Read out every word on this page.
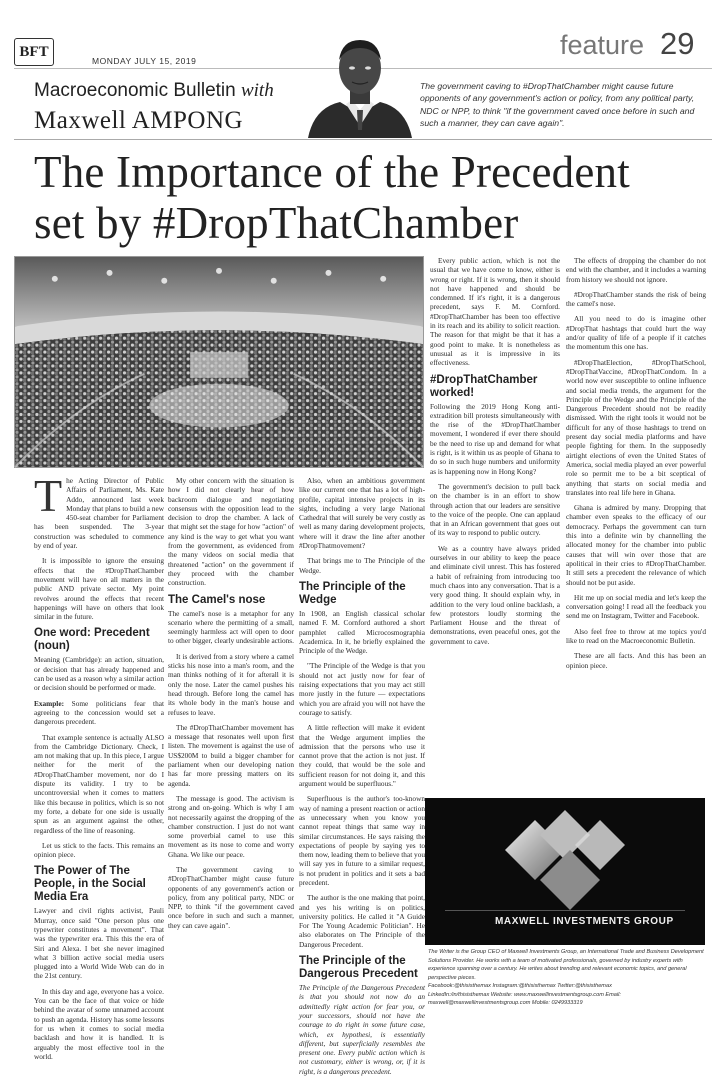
BFT
MONDAY JULY 15, 2019
feature 29
Macroeconomic Bulletin with
Maxwell AMPONG
The government caving to #DropThatChamber might cause future opponents of any government's action or policy, from any political party, NDC or NPP, to think "if the government caved once before in such and such a manner, they can cave again".
The Importance of the Precedent
set by #DropThatChamber

The Acting Director of Public Affairs of Parliament, Ms. Kate Addo, announced last week Monday that plans to build a new 450-seat chamber for Parliament has been suspended. The 3-year construction was scheduled to commence by end of year.

It is impossible to ignore the ensuing effects that the #DropThatChamber movement will have on all matters in the public AND private sector. My point revolves around the effects that recent happenings will have on others that look similar in the future.

One word: Precedent (noun)

Meaning (Cambridge): an action, situation, or decision that has already happened and can be used as a reason why a similar action or decision should be performed or made.

Example: Some politicians fear that agreeing to the concession would set a dangerous precedent.

That example sentence is actually ALSO from the Cambridge Dictionary. Check, I am not making that up. In this piece, I argue neither for the merit of the #DropThatChamber movement, nor do I dispute its validity. I try to be uncontroversial when it comes to matters like this because in politics, which is so not my forte, a debate for one side is usually spun as an argument against the other, regardless of the line of reasoning.

Let us stick to the facts. This remains an opinion piece.

The Power of The People, in the Social Media Era

Lawyer and civil rights activist, Pauli Murray, once said "One person plus one typewriter constitutes a movement". That was the typewriter era. This this the era of Siri and Alexa. I bet she never imagined what 3 billion active social media users plugged into a World Wide Web can do in the 21st century.

In this day and age, everyone has a voice. You can be the face of that voice or hide behind the avatar of some unnamed account to push an agenda. History has some lessons for us when it comes to social media backlash and how it is handled. It is arguably the most effective tool in the world.

My other concern with the situation is how I did not clearly hear of how backroom dialogue and negotiating consensus with the opposition lead to the decision to drop the chamber. A lack of that might set the stage for how "action" of any kind is the way to get what you want from the government, as evidenced from the many videos on social media that threatened "action" on the government if they proceed with the chamber construction.

The Camel's nose

The camel's nose is a metaphor for any scenario where the permitting of a small, seemingly harmless act will open to door to other bigger, clearly undesirable actions.

It is derived from a story where a camel sticks his nose into a man's room, and the man thinks nothing of it for afterall it is only the nose. Later the camel pushes his head through. Before long the camel has its whole body in the man's house and refuses to leave.

The #DropThatChamber movement has a message that resonates well upon first listen. The movement is against the use of US$200M to build a bigger chamber for parliament when our developing nation has far more pressing matters on its agenda.

The message is good. The activism is strong and on-going. Which is why I am not necessarily against the dropping of the chamber construction. I just do not want some proverbial camel to use this movement as its nose to come and worry Ghana. We like our peace.

The government caving to #DropThatChamber might cause future opponents of any government's action or policy, from any political party, NDC or NPP, to think "if the government caved once before in such and such a manner, they can cave again".

Also, when an ambitious government like our current one that has a lot of high-profile, capital intensive projects in its sights, including a very large National Cathedral that will surely be very costly as well as many daring development projects, where will it draw the line after another #DropThatmovement?

That brings me to The Principle of the Wedge.

The Principle of the Wedge

In 1908, an English classical scholar named F. M. Cornford authored a short pamphlet called Microcosmographia Academica. In it, he briefly explained the Principle of the Wedge.

"The Principle of the Wedge is that you should not act justly now for fear of raising expectations that you may act still more justly in the future — expectations which you are afraid you will not have the courage to satisfy.

A little reflection will make it evident that the Wedge argument implies the admission that the persons who use it cannot prove that the action is not just. If they could, that would be the sole and sufficient reason for not doing it, and this argument would be superfluous."

Superfluous is the author's too-known way of naming a present reaction or action as unnecessary when you know you cannot repeat things that same way in similar circumstances. He says raising the expectations of people by saying yes to them now, leading them to believe that you will say yes in future to a similar request, is not prudent in politics and it sets a bad precedent.

The author is the one making that point, and yes his writing is on politics, university politics. He called it "A Guide For The Young Academic Politician". He also elaborates on The Principle of the Dangerous Precedent.

The Principle of the Dangerous Precedent

The Principle of the Dangerous Precedent is that you should not now do an admittedly right action for fear you, or your successors, should not have the courage to do right in some future case, which, ex hypothesi, is essentially different, but superficially resembles the present one. Every public action which is not customary, either is wrong, or, if it is right, is a dangerous precedent.

Every public action, which is not the usual that we have come to know, either is wrong or right. If it is wrong, then it should not have happened and should be condemned. If it's right, it is a dangerous precedent, says F. M. Cornford. #DropThatChamber has been too effective in its reach and its ability to solicit reaction. The reason for that might be that it has a good point to make. It is nonetheless as unusual as it is impressive in its effectiveness.

#DropThatChamber worked!

Following the 2019 Hong Kong anti-extradition bill protests simultaneously with the rise of the #DropThatChamber movement, I wondered if ever there should be the need to rise up and demand for what is right, is it within us as people of Ghana to do so in such huge numbers and uniformity as is happening now in Hong Kong?

The government's decision to pull back on the chamber is in an effort to show through action that our leaders are sensitive to the voice of the people. One can applaud that in an African government that goes out of its way to respond to public outcry.

We as a country have always prided ourselves in our ability to keep the peace and eliminate civil unrest. This has fostered a habit of refraining from introducing too much chaos into any conversation. That is a very good thing. It should explain why, in addition to the very loud online backlash, a few protestors loudly storming the Parliament House and the threat of demonstrations, even peaceful ones, got the government to cave.

The effects of dropping the chamber do not end with the chamber, and it includes a warning from history we should not ignore.

#DropThatChamber stands the risk of being the camel's nose.

All you need to do is imagine other #DropThat hashtags that could hurt the way and/or quality of life of a people if it catches the momentum this one has.

#DropThatElection, #DropThatSchool, #DropThatVaccine, #DropThatCondom. In a world now ever susceptible to online influence and social media trends, the argument for the Principle of the Wedge and the Principle of the Dangerous Precedent should not be readily dismissed. With the right tools it would not be difficult for any of those hashtags to trend on present day social media platforms and have people fighting for them. In the supposedly airtight elections of even the United States of America, social media played an ever powerful role so permit me to be a bit sceptical of anything that starts on social media and translates into real life here in Ghana.

Ghana is admired by many. Dropping that chamber even speaks to the efficacy of our democracy. Perhaps the government can turn this into a definite win by channelling the allocated money for the chamber into public causes that will win over those that are apolitical in their cries to #DropThatChamber. It still sets a precedent the relevance of which should not be put aside.

Hit me up on social media and let's keep the conversation going! I read all the feedback you send me on Instagram, Twitter and Facebook.

Also feel free to throw at me topics you'd like to read on the Macroeconomic Bulletin.

These are all facts. And this has been an opinion piece.

MAXWELL INVESTMENTS GROUP
The Writer is the Group CEO of Maxwell Investments Group, an International Trade and Business Development Solutions Provider. He works with a team of motivated professionals, governed by industry experts with experience spanning over a century. He writes about trending and relevant economic topics, and general perspective pieces.
Facebook:@thisisthemax Instagram:@thisisthemax Twitter:@thisisthemax
LinkedIn:/in/thisisthemax Website: www.maxwellinvestmentsgroup.com Email: maxwell@maxwellinvestmentsgroup.com Mobile: 0249933319
